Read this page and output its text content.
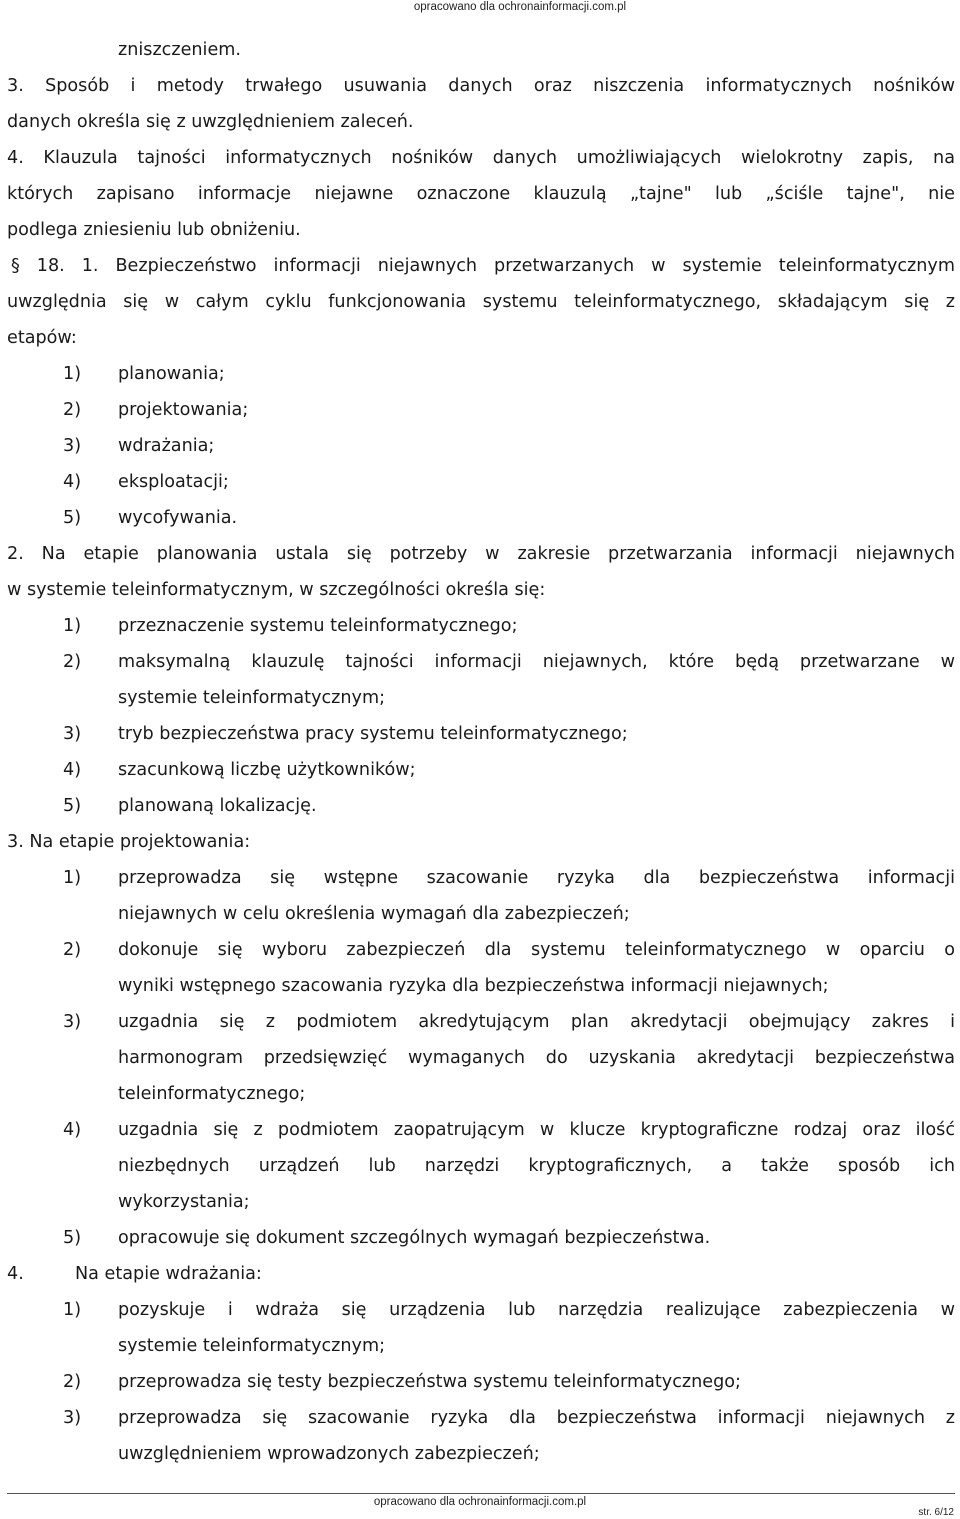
opracowano dla ochronainformacji.com.pl
zniszczeniem.
3. Sposób i metody trwałego usuwania danych oraz niszczenia informatycznych nośników
danych określa się z uwzględnieniem zaleceń.
4. Klauzula tajności informatycznych nośników danych umożliwiających wielokrotny zapis, na
których zapisano informacje niejawne oznaczone klauzulą „tajne" lub „ściśle tajne", nie
podlega zniesieniu lub obniżeniu.
§ 18. 1. Bezpieczeństwo informacji niejawnych przetwarzanych w systemie teleinformatycznym
uwzględnia się w całym cyklu funkcjonowania systemu teleinformatycznego, składającym się z
etapów:
1)	planowania;
2)	projektowania;
3)	wdrażania;
4)	eksploatacji;
5)	wycofywania.
2. Na etapie planowania ustala się potrzeby w zakresie przetwarzania informacji niejawnych
w systemie teleinformatycznym, w szczególności określa się:
1)	przeznaczenie systemu teleinformatycznego;
2)	maksymalną klauzulę tajności informacji niejawnych, które będą przetwarzane w
systemie teleinformatycznym;
3)	tryb bezpieczeństwa pracy systemu teleinformatycznego;
4)	szacunkową liczbę użytkowników;
5)	planowaną lokalizację.
3. Na etapie projektowania:
1)	przeprowadza się wstępne szacowanie ryzyka dla bezpieczeństwa informacji
niejawnych w celu określenia wymagań dla zabezpieczeń;
2)	dokonuje się wyboru zabezpieczeń dla systemu teleinformatycznego w oparciu o
wyniki wstępnego szacowania ryzyka dla bezpieczeństwa informacji niejawnych;
3)	uzgadnia się z podmiotem akredytującym plan akredytacji obejmujący zakres i
harmonogram przedsięwzięć wymaganych do uzyskania akredytacji bezpieczeństwa
teleinformatycznego;
4)	uzgadnia się z podmiotem zaopatrującym w klucze kryptograficzne rodzaj oraz ilość
niezbędnych urządzeń lub narzędzi kryptograficznych, a także sposób ich
wykorzystania;
5)	opracowuje się dokument szczególnych wymagań bezpieczeństwa.
4.	Na etapie wdrażania:
1)	pozyskuje i wdraża się urządzenia lub narzędzia realizujące zabezpieczenia w
systemie teleinformatycznym;
2)	przeprowadza się testy bezpieczeństwa systemu teleinformatycznego;
3)	przeprowadza się szacowanie ryzyka dla bezpieczeństwa informacji niejawnych z
uwzględnieniem wprowadzonych zabezpieczeń;
opracowano dla ochronainformacji.com.pl
str. 6/12
